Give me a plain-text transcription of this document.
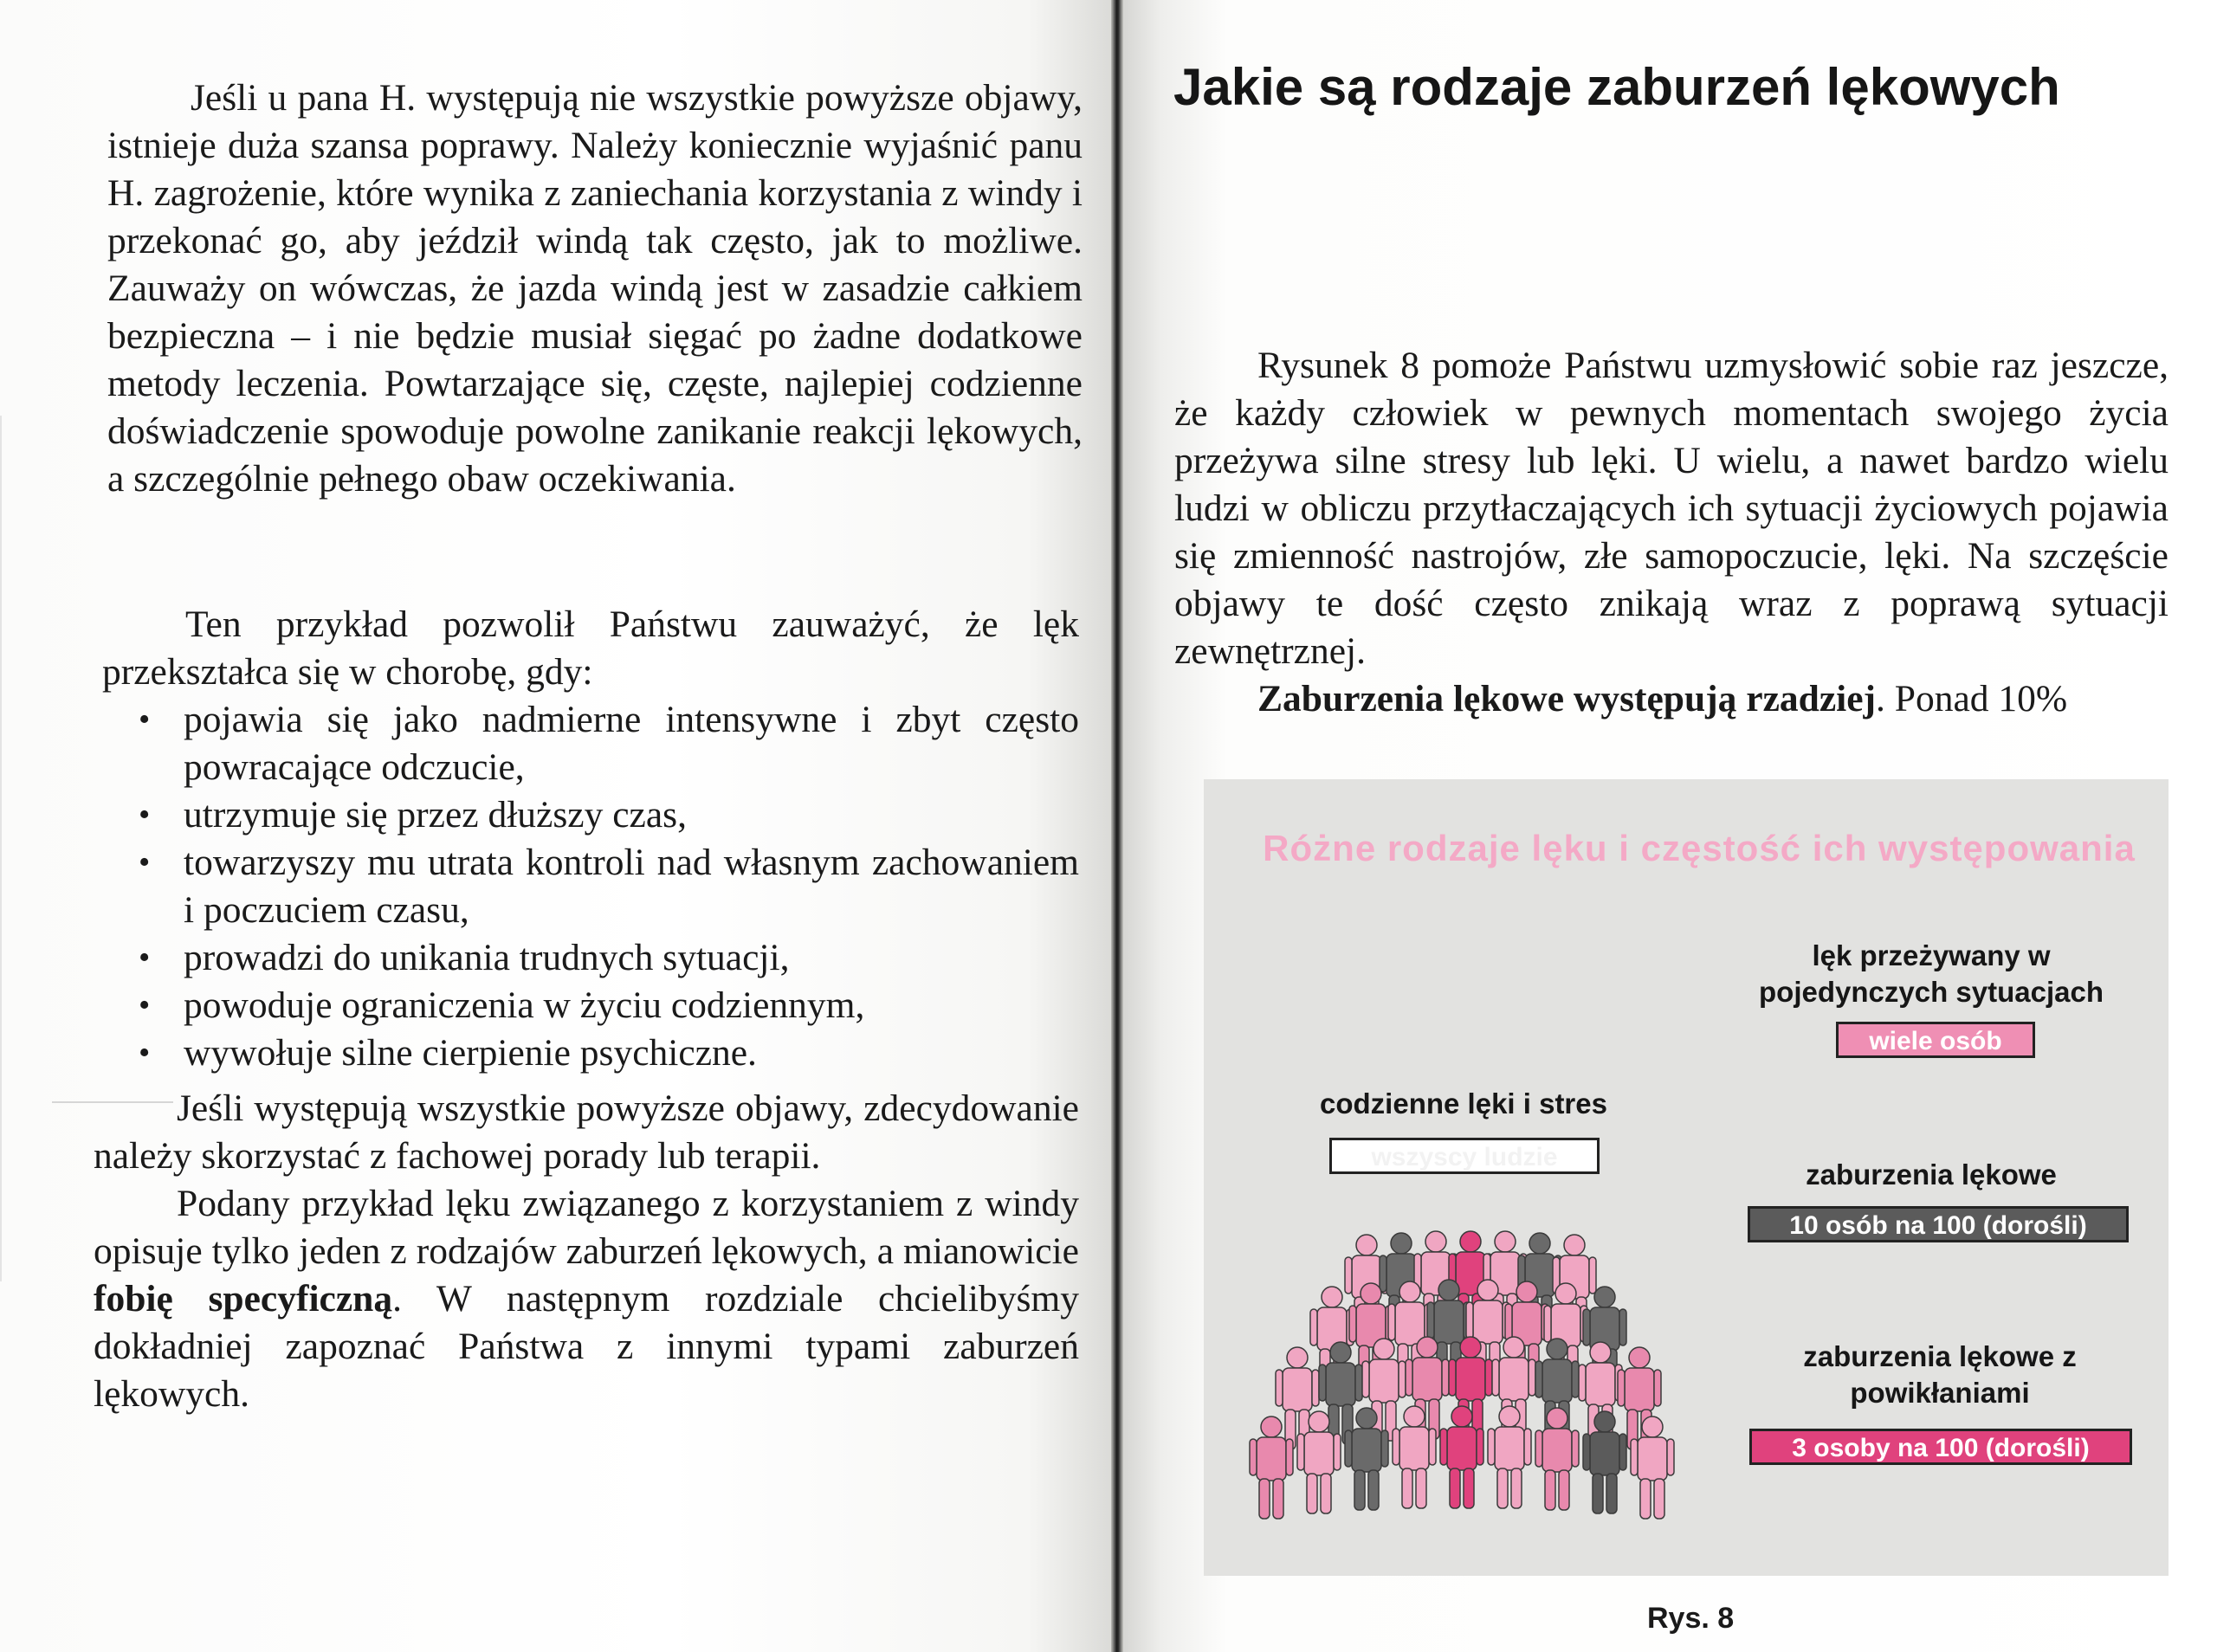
Jeśli u pana H. występują nie wszystkie powyższe objawy, istnieje duża szansa poprawy. Należy koniecznie wyjaśnić panu H. zagrożenie, które wynika z zaniechania korzystania z windy i przekonać go, aby jeździł windą tak często, jak to możliwe. Zauważy on wówczas, że jazda windą jest w zasadzie całkiem bezpieczna – i nie będzie musiał sięgać po żadne dodatkowe metody leczenia. Powtarzające się, częste, najlepiej codzienne doświadczenie spowoduje powolne zanikanie reakcji lękowych, a szczególnie pełnego obaw oczekiwania.

Ten przykład pozwolił Państwu zauważyć, że lęk przekształca się w chorobę, gdy:

• pojawia się jako nadmierne intensywne i zbyt często powracające odczucie,
• utrzymuje się przez dłuższy czas,
• towarzyszy mu utrata kontroli nad własnym zachowaniem i poczuciem czasu,
• prowadzi do unikania trudnych sytuacji,
• powoduje ograniczenia w życiu codziennym,
• wywołuje silne cierpienie psychiczne.

Jeśli występują wszystkie powyższe objawy, zdecydowanie należy skorzystać z fachowej porady lub terapii.

Podany przykład lęku związanego z korzystaniem z windy opisuje tylko jeden z rodzajów zaburzeń lękowych, a mianowicie fobię specyficzną. W następnym rozdziale chcielibyśmy dokładniej zapoznać Państwa z innymi typami zaburzeń lękowych.

Jakie są rodzaje zaburzeń lękowych

Rysunek 8 pomoże Państwu uzmysłowić sobie raz jeszcze, że każdy człowiek w pewnych momentach swojego życia przeżywa silne stresy lub lęki. U wielu, a nawet bardzo wielu ludzi w obliczu przytłaczających ich sytuacji życiowych pojawia się zmienność nastrojów, złe samopoczucie, lęki. Na szczęście objawy te dość często znikają wraz z poprawą sytuacji zewnętrznej.

Zaburzenia lękowe występują rzadziej. Ponad 10%

Różne rodzaje lęku i częstość ich występowania
lęk przeżywany w pojedynczych sytuacjach
wiele osób
codzienne lęki i stres
wszyscy ludzie
zaburzenia lękowe
10 osób na 100 (dorośli)
zaburzenia lękowe z powikłaniami
3 osoby na 100 (dorośli)
Rys. 8
